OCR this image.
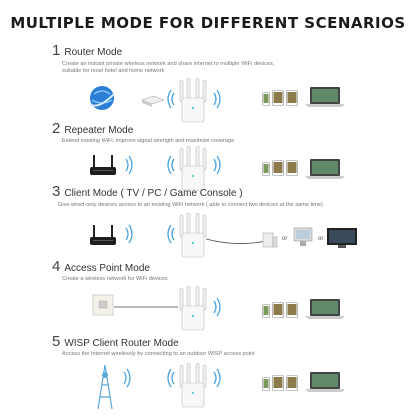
MULTIPLE MODE FOR DIFFERENT SCENARIOS
1 Router Mode
Create an instant private wireless network and share internet to multiple WiFi devices,
suitable for most hotel and home network
2 Repeater Mode
Extend existing WiFi, improve signal strength and maximize coverage
3 Client Mode ( TV / PC / Game Console )
Give wired-only devices access to an existing WiFi network ( able to connect two devices at the same time)
or	or
4 Access Point Mode
Create a wireless network for WiFi devices
5 WISP Client Router Mode
Access the Internet wirelessly by connecting to an outdoor WISP access point
